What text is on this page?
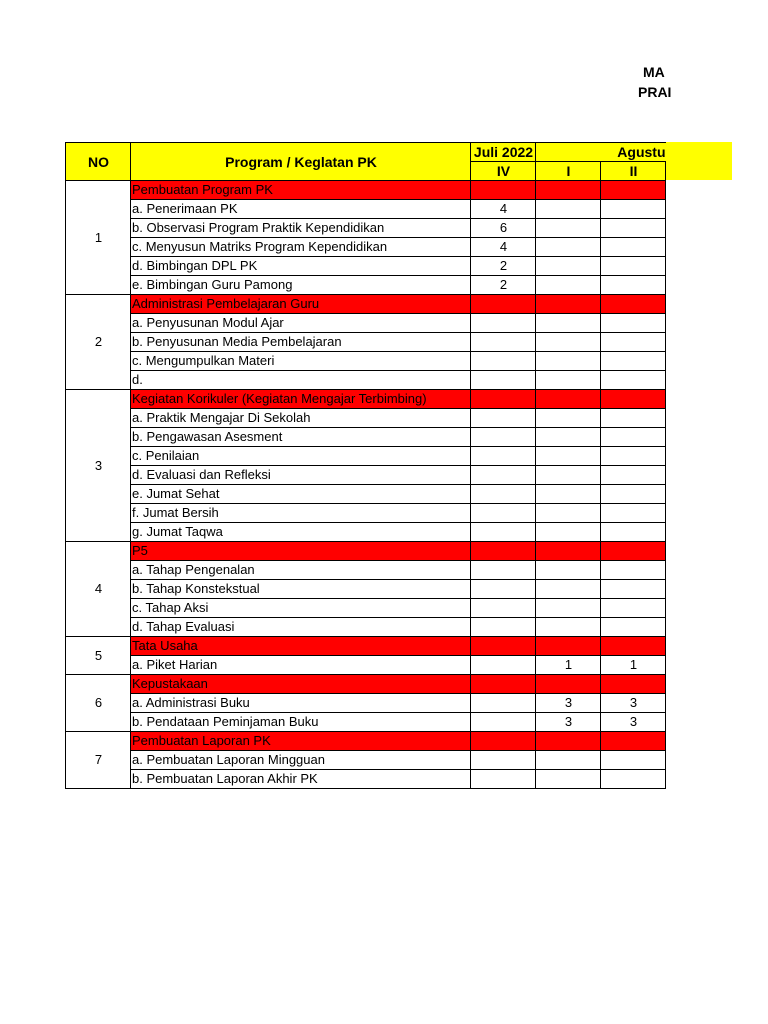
MA
PRAI
NO	Program / Keglatan PK	Juli 2022	Agustu	
		IV	I	II
1	Pembuatan Program PK			
	a. Penerimaan PK	4		
	b. Observasi Program Praktik Kependidikan	6		
	c. Menyusun Matriks Program Kependidikan	4		
	d. Bimbingan DPL PK	2		
	e. Bimbingan Guru Pamong	2		
2	Administrasi Pembelajaran Guru			
	a. Penyusunan Modul Ajar			
	b. Penyusunan Media Pembelajaran			
	c. Mengumpulkan Materi			
	d.			
3	Kegiatan Korikuler (Kegiatan Mengajar Terbimbing)			
	a. Praktik Mengajar Di Sekolah			
	b. Pengawasan Asesment			
	c. Penilaian			
	d. Evaluasi dan Refleksi			
	e. Jumat Sehat			
	f. Jumat Bersih			
	g. Jumat Taqwa			
4	P5			
	a. Tahap Pengenalan			
	b. Tahap Konstekstual			
	c. Tahap Aksi			
	d. Tahap Evaluasi			
5	Tata Usaha			
	a. Piket Harian		1	1
6	Kepustakaan			
	a. Administrasi Buku		3	3
	b. Pendataan Peminjaman Buku		3	3
7	Pembuatan Laporan PK			
	a. Pembuatan Laporan Mingguan			
	b. Pembuatan Laporan Akhir PK			
